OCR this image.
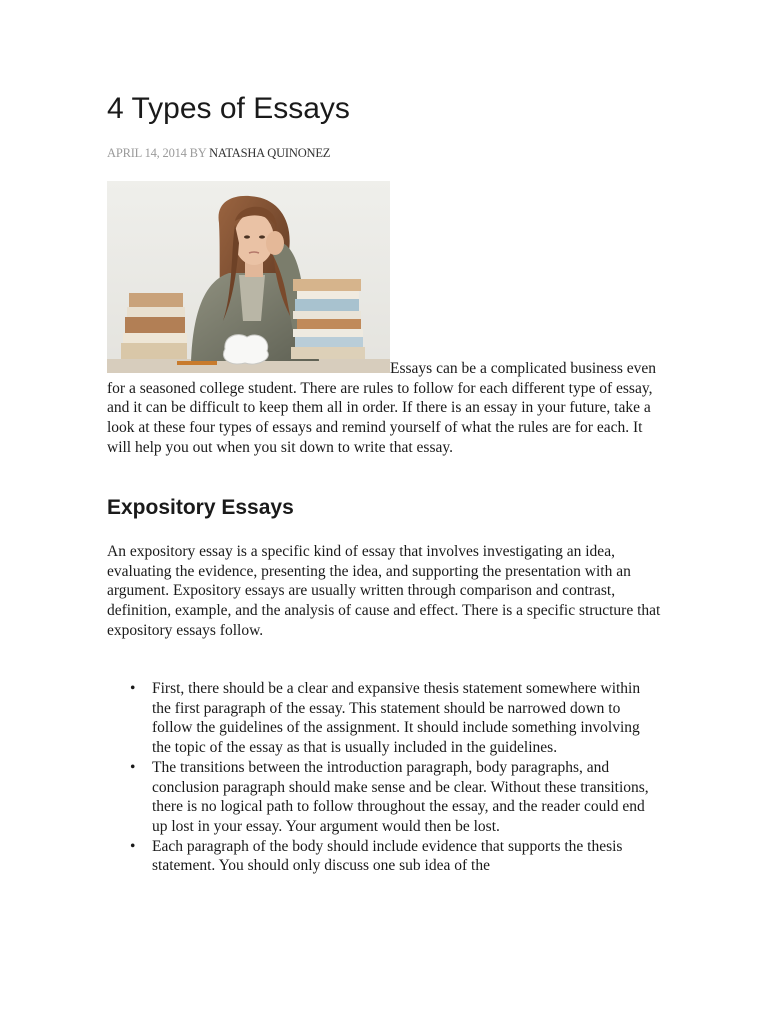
4 Types of Essays
APRIL 14, 2014 BY NATASHA QUINONEZ

Essays can be a complicated business even for a seasoned college student. There are rules to follow for each different type of essay, and it can be difficult to keep them all in order. If there is an essay in your future, take a look at these four types of essays and remind yourself of what the rules are for each. It will help you out when you sit down to write that essay.

Expository Essays

An expository essay is a specific kind of essay that involves investigating an idea, evaluating the evidence, presenting the idea, and supporting the presentation with an argument. Expository essays are usually written through comparison and contrast, definition, example, and the analysis of cause and effect. There is a specific structure that expository essays follow.

• First, there should be a clear and expansive thesis statement somewhere within the first paragraph of the essay. This statement should be narrowed down to follow the guidelines of the assignment. It should include something involving the topic of the essay as that is usually included in the guidelines.
• The transitions between the introduction paragraph, body paragraphs, and conclusion paragraph should make sense and be clear. Without these transitions, there is no logical path to follow throughout the essay, and the reader could end up lost in your essay. Your argument would then be lost.
• Each paragraph of the body should include evidence that supports the thesis statement. You should only discuss one sub idea of the
